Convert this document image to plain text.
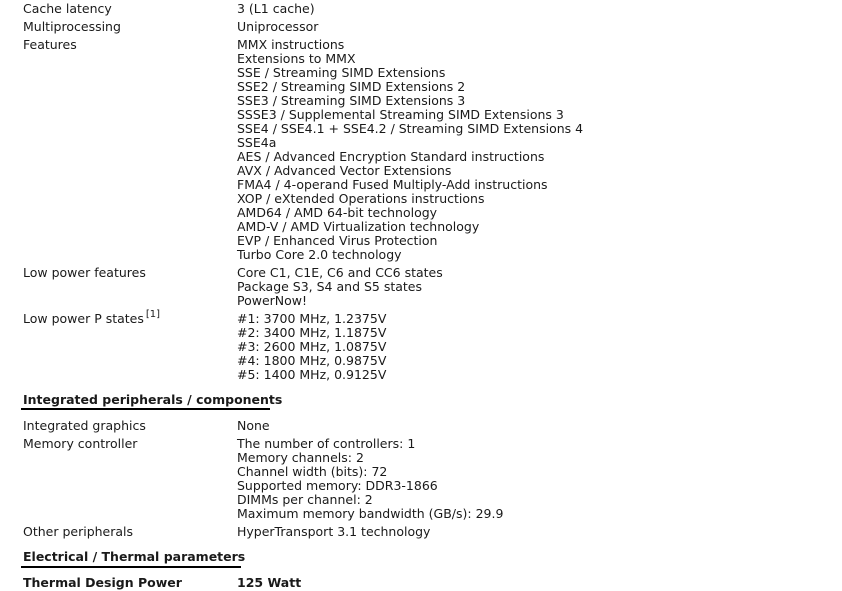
Cache latency	3 (L1 cache)
Multiprocessing	Uniprocessor
Features	MMX instructions
Extensions to MMX
SSE / Streaming SIMD Extensions
SSE2 / Streaming SIMD Extensions 2
SSE3 / Streaming SIMD Extensions 3
SSSE3 / Supplemental Streaming SIMD Extensions 3
SSE4 / SSE4.1 + SSE4.2 / Streaming SIMD Extensions 4
SSE4a
AES / Advanced Encryption Standard instructions
AVX / Advanced Vector Extensions
FMA4 / 4-operand Fused Multiply-Add instructions
XOP / eXtended Operations instructions
AMD64 / AMD 64-bit technology
AMD-V / AMD Virtualization technology
EVP / Enhanced Virus Protection
Turbo Core 2.0 technology
Low power features	Core C1, C1E, C6 and CC6 states
Package S3, S4 and S5 states
PowerNow!
Low power P states [1]	#1: 3700 MHz, 1.2375V
#2: 3400 MHz, 1.1875V
#3: 2600 MHz, 1.0875V
#4: 1800 MHz, 0.9875V
#5: 1400 MHz, 0.9125V
Integrated peripherals / components
Integrated graphics	None
Memory controller	The number of controllers: 1
Memory channels: 2
Channel width (bits): 72
Supported memory: DDR3-1866
DIMMs per channel: 2
Maximum memory bandwidth (GB/s): 29.9
Other peripherals	HyperTransport 3.1 technology
Electrical / Thermal parameters
Thermal Design Power	125 Watt
